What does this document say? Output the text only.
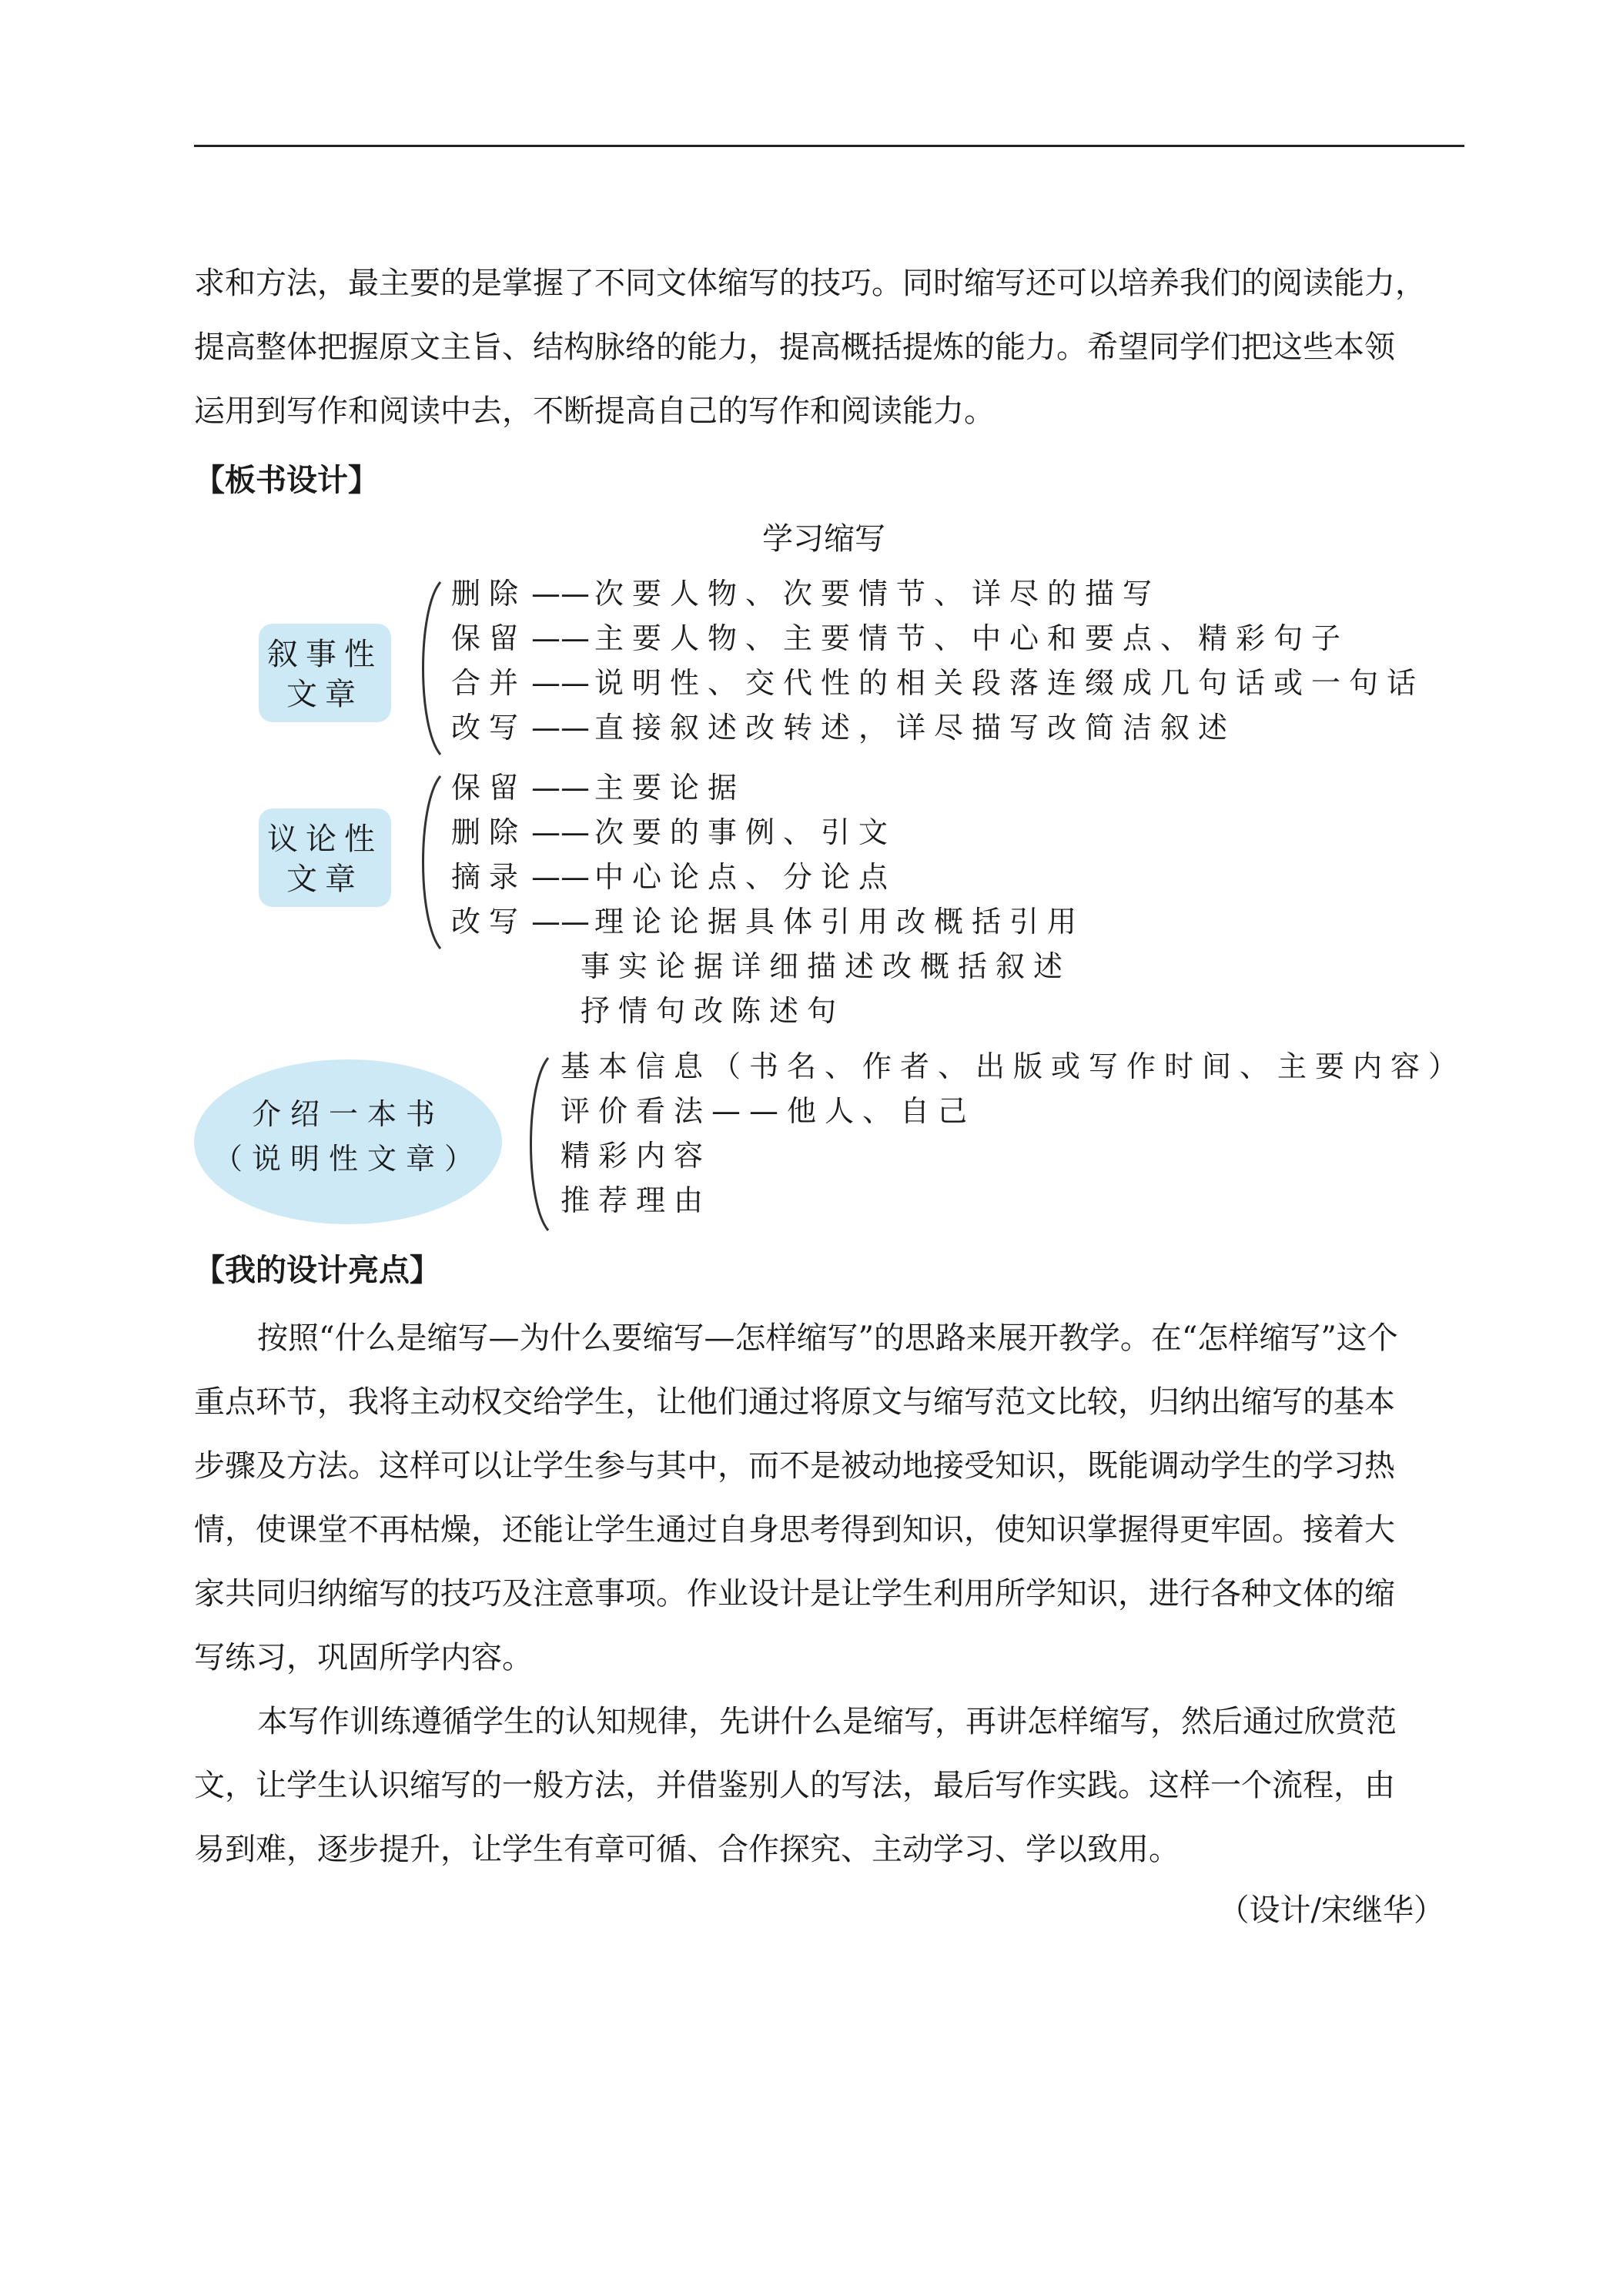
求和方法，最主要的是掌握了不同文体缩写的技巧。同时缩写还可以培养我们的阅读能力，
提高整体把握原文主旨、结构脉络的能力，提高概括提炼的能力。希望同学们把这些本领
运用到写作和阅读中去，不断提高自己的写作和阅读能力。
【板书设计】
学习缩写
叙事性
文章
删除 —— 次要人物、次要情节、详尽的描写
保留 —— 主要人物、主要情节、中心和要点、精彩句子
合并 —— 说明性、交代性的相关段落连缀成几句话或一句话
改写 —— 直接叙述改转述，详尽描写改简洁叙述
议论性
文章
保留 —— 主要论据
删除 —— 次要的事例、引文
摘录 —— 中心论点、分论点
改写 —— 理论论据具体引用改概括引用
事实论据详细描述改概括叙述
抒情句改陈述句
介绍一本书
（说明性文章）
基本信息（书名、作者、出版或写作时间、主要内容）
评价看法——他人、自己
精彩内容
推荐理由
【我的设计亮点】
按照“什么是缩写—为什么要缩写—怎样缩写”的思路来展开教学。在“怎样缩写”这个
重点环节，我将主动权交给学生，让他们通过将原文与缩写范文比较，归纳出缩写的基本
步骤及方法。这样可以让学生参与其中，而不是被动地接受知识，既能调动学生的学习热
情，使课堂不再枯燥，还能让学生通过自身思考得到知识，使知识掌握得更牢固。接着大
家共同归纳缩写的技巧及注意事项。作业设计是让学生利用所学知识，进行各种文体的缩
写练习，巩固所学内容。
本写作训练遵循学生的认知规律，先讲什么是缩写，再讲怎样缩写，然后通过欣赏范
文，让学生认识缩写的一般方法，并借鉴别人的写法，最后写作实践。这样一个流程，由
易到难，逐步提升，让学生有章可循、合作探究、主动学习、学以致用。
（设计/宋继华）
